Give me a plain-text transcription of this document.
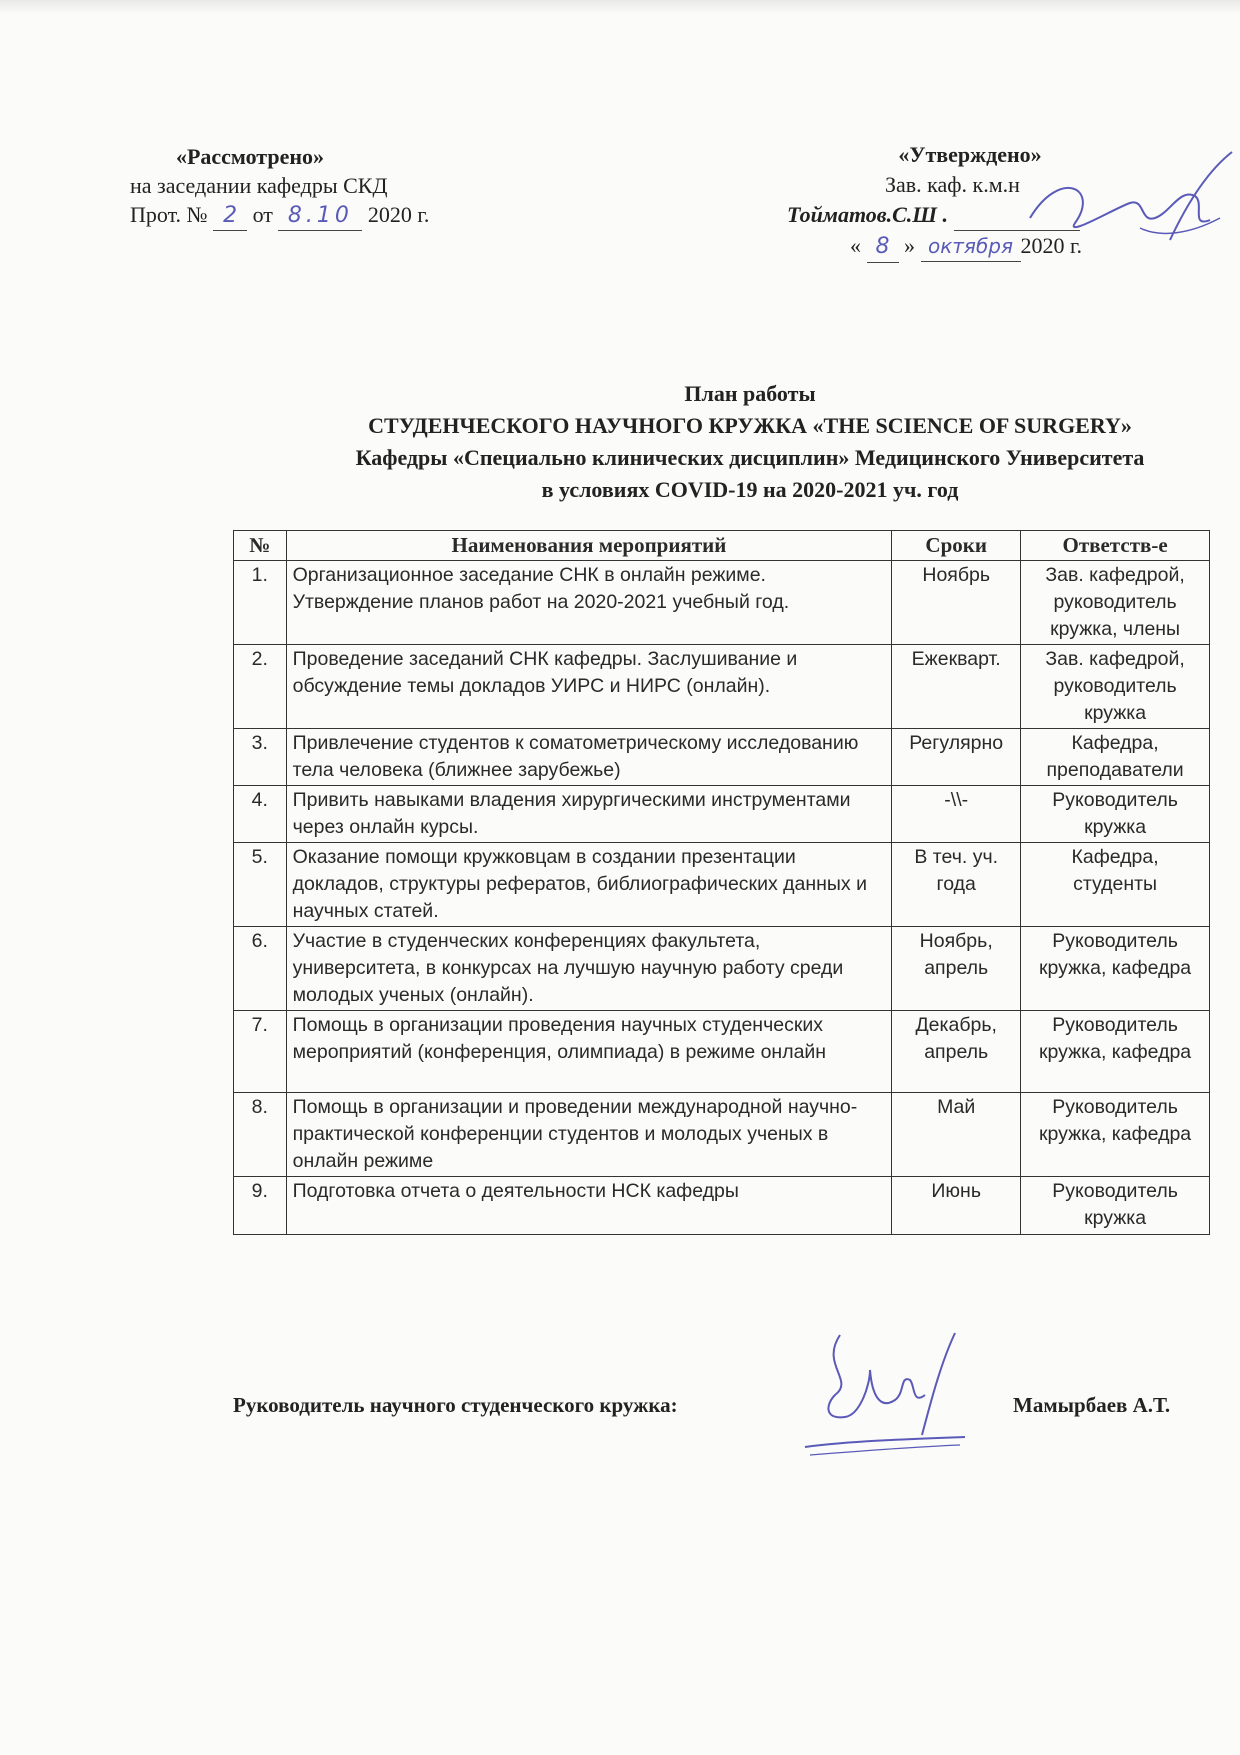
«Рассмотрено»
на заседании кафедры СКД
Прот. № 2 от 8.10 2020 г.
«Утверждено»
Зав. каф. к.м.н
Тойматов.С.Ш .
« 8 » октября 2020 г.
План работы
СТУДЕНЧЕСКОГО НАУЧНОГО КРУЖКА «THE SCIENCE OF SURGERY»
Кафедры «Специально клинических дисциплин» Медицинского Университета
в условиях COVID-19 на 2020-2021 уч. год
№	Наименования мероприятий	Сроки	Ответств-е
1.	Организационное заседание СНК в онлайн режиме. Утверждение планов работ на 2020-2021 учебный год.	Ноябрь	Зав. кафедрой, руководитель кружка, члены
2.	Проведение заседаний СНК кафедры. Заслушивание и обсуждение темы докладов УИРС и НИРС (онлайн).	Ежекварт.	Зав. кафедрой, руководитель кружка
3.	Привлечение студентов к соматометрическому исследованию тела человека (ближнее зарубежье)	Регулярно	Кафедра, преподаватели
4.	Привить навыками владения хирургическими инструментами через онлайн курсы.	-\\-	Руководитель кружка
5.	Оказание помощи кружковцам в создании презентации докладов, структуры рефератов, библиографических данных и научных статей.	В теч. уч. года	Кафедра, студенты
6.	Участие в студенческих конференциях факультета, университета, в конкурсах на лучшую научную работу среди молодых ученых (онлайн).	Ноябрь, апрель	Руководитель кружка, кафедра
7.	Помощь в организации проведения научных студенческих мероприятий (конференция, олимпиада) в режиме онлайн	Декабрь, апрель	Руководитель кружка, кафедра
8.	Помощь в организации и проведении международной научно-практической конференции студентов и молодых ученых в онлайн режиме	Май	Руководитель кружка, кафедра
9.	Подготовка отчета о деятельности НСК кафедры	Июнь	Руководитель кружка
Руководитель научного студенческого кружка:	Мамырбаев А.Т.
